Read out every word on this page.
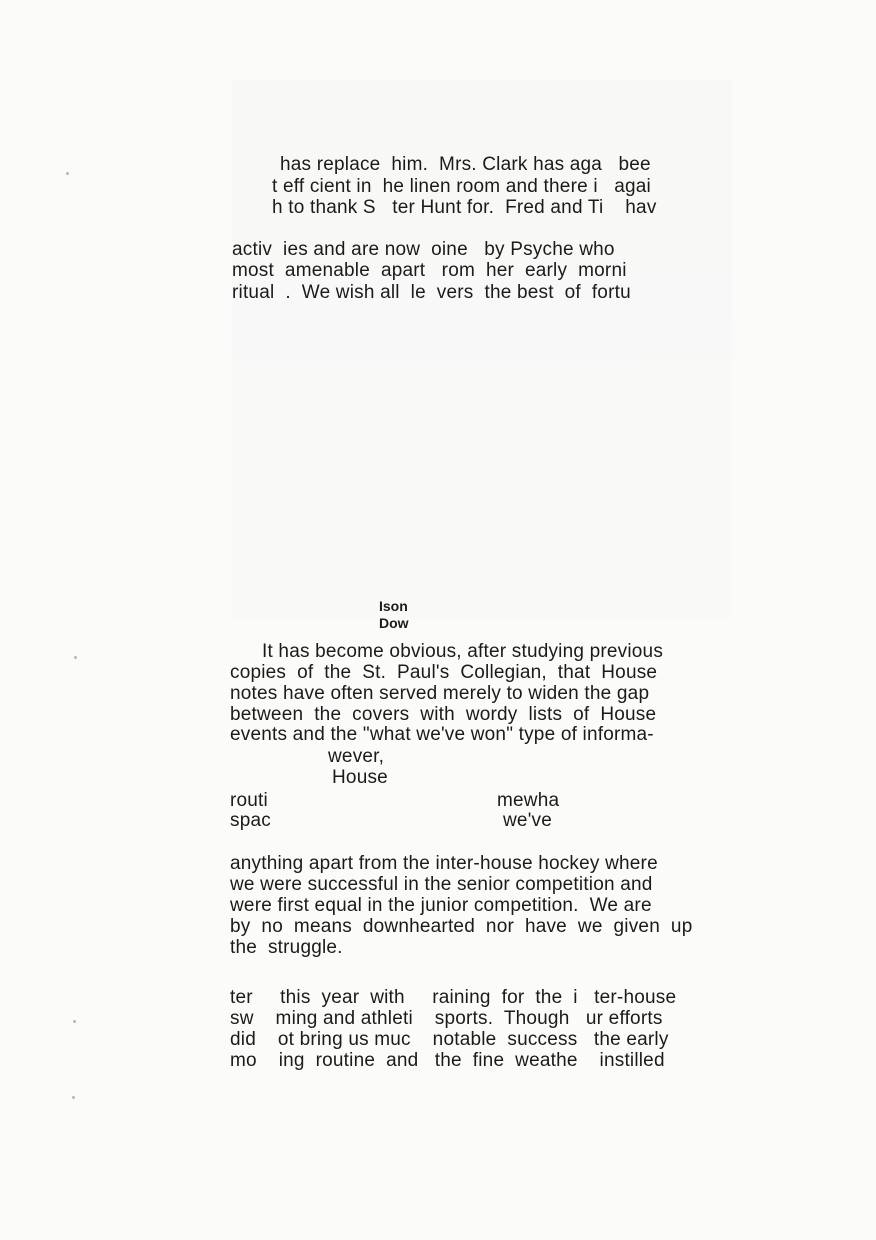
has replace  him.  Mrs. Clark has aga   bee
t eff cient in  he linen room and there i   agai
h to thank S   ter Hunt for.  Fred and Ti    hav
activ  ies and are now  oine   by Psyche who
most  amenable  apart   rom  her  early  morni
ritual  .  We wish all  le  vers  the best  of  fortu
Ison
Dow
It has become obvious, after studying previous
copies  of  the  St.  Paul's  Collegian,  that  House
notes have often served merely to widen the gap
between  the  covers  with  wordy  lists  of  House
events and the "what we've won" type of informa-
wever,
House
routi	mewha
spac	we've
anything apart from the inter-house hockey where
we were successful in the senior competition and
were first equal in the junior competition.  We are
by  no  means  downhearted  nor  have  we  given  up
the  struggle.
ter     this  year  with     raining  for  the  i   ter-house
sw    ming and athleti    sports.  Though   ur efforts
did    ot bring us muc    notable  success   the early
mo    ing  routine  and   the  fine  weathe    instilled
